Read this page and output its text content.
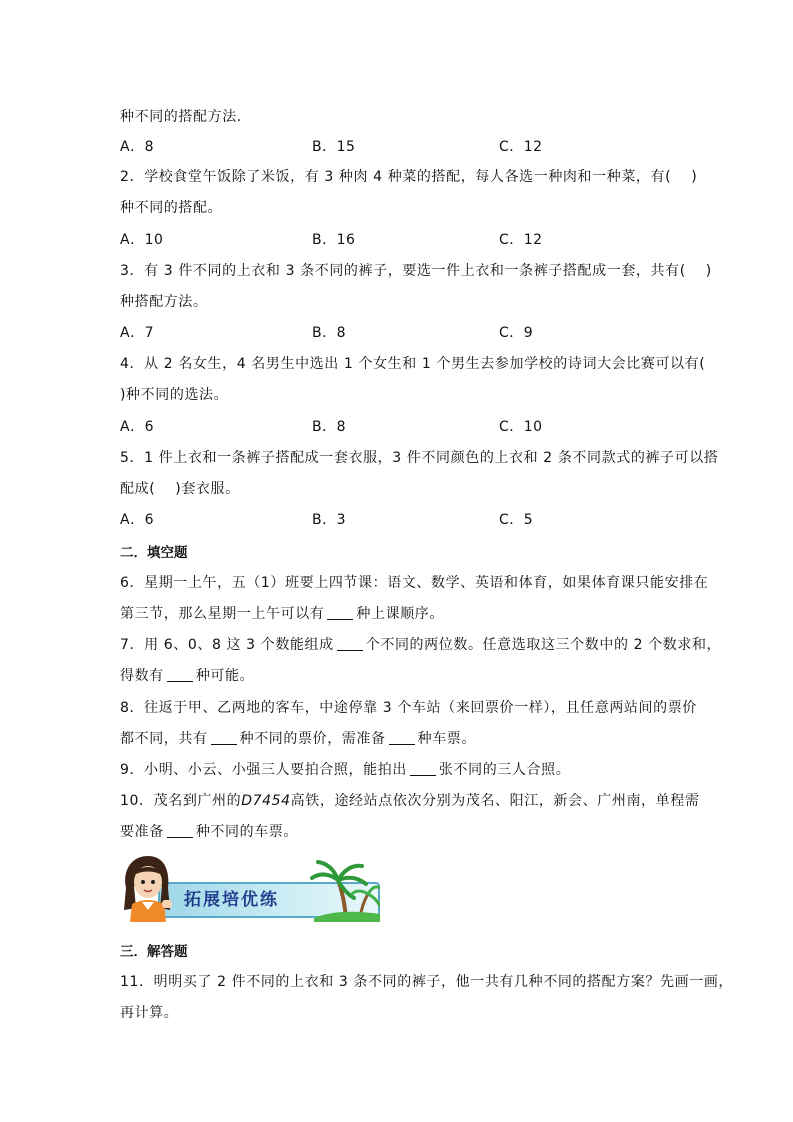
种不同的搭配方法.
A．8	B．15	C．12
2．学校食堂午饭除了米饭，有 3 种肉 4 种菜的搭配，每人各选一种肉和一种菜，有( )
种不同的搭配。
A．10	B．16	C．12
3．有 3 件不同的上衣和 3 条不同的裤子，要选一件上衣和一条裤子搭配成一套，共有( )
种搭配方法。
A．7	B．8	C．9
4．从 2 名女生，4 名男生中选出 1 个女生和 1 个男生去参加学校的诗词大会比赛可以有(
)种不同的选法。
A．6	B．8	C．10
5．1 件上衣和一条裤子搭配成一套衣服，3 件不同颜色的上衣和 2 条不同款式的裤子可以搭
配成( )套衣服。
A．6	B．3	C．5
二．填空题
6．星期一上午，五（1）班要上四节课：语文、数学、英语和体育，如果体育课只能安排在
第三节，那么星期一上午可以有 种上课顺序。
7．用 6、0、8 这 3 个数能组成 个不同的两位数。任意选取这三个数中的 2 个数求和，
得数有 种可能。
8．往返于甲、乙两地的客车，中途停靠 3 个车站（来回票价一样），且任意两站间的票价
都不同，共有 种不同的票价，需准备 种车票。
9．小明、小云、小强三人要拍合照，能拍出 张不同的三人合照。
10．茂名到广州的D7454高铁，途经站点依次分别为茂名、阳江，新会、广州南，单程需
要准备 种不同的车票。
拓展培优练
三．解答题
11．明明买了 2 件不同的上衣和 3 条不同的裤子，他一共有几种不同的搭配方案？先画一画，
再计算。
